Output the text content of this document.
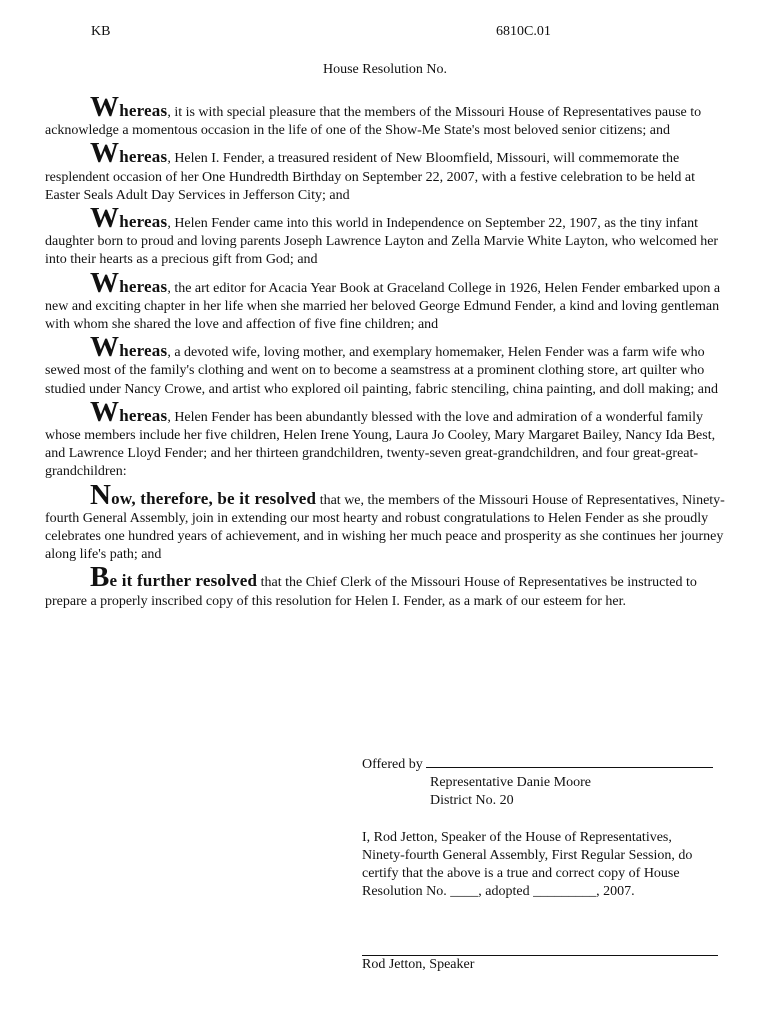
KB	6810C.01
House Resolution No.

Whereas, it is with special pleasure that the members of the Missouri House of Representatives pause to acknowledge a momentous occasion in the life of one of the Show-Me State's most beloved senior citizens; and

Whereas, Helen I. Fender, a treasured resident of New Bloomfield, Missouri, will commemorate the resplendent occasion of her One Hundredth Birthday on September 22, 2007, with a festive celebration to be held at Easter Seals Adult Day Services in Jefferson City; and

Whereas, Helen Fender came into this world in Independence on September 22, 1907, as the tiny infant daughter born to proud and loving parents Joseph Lawrence Layton and Zella Marvie White Layton, who welcomed her into their hearts as a precious gift from God; and

Whereas, the art editor for Acacia Year Book at Graceland College in 1926, Helen Fender embarked upon a new and exciting chapter in her life when she married her beloved George Edmund Fender, a kind and loving gentleman with whom she shared the love and affection of five fine children; and

Whereas, a devoted wife, loving mother, and exemplary homemaker, Helen Fender was a farm wife who sewed most of the family's clothing and went on to become a seamstress at a prominent clothing store, art quilter who studied under Nancy Crowe, and artist who explored oil painting, fabric stenciling, china painting, and doll making; and

Whereas, Helen Fender has been abundantly blessed with the love and admiration of a wonderful family whose members include her five children, Helen Irene Young, Laura Jo Cooley, Mary Margaret Bailey, Nancy Ida Best, and Lawrence Lloyd Fender; and her thirteen grandchildren, twenty-seven great-grandchildren, and four great-great-grandchildren:

Now, therefore, be it resolved that we, the members of the Missouri House of Representatives, Ninety-fourth General Assembly, join in extending our most hearty and robust congratulations to Helen Fender as she proudly celebrates one hundred years of achievement, and in wishing her much peace and prosperity as she continues her journey along life's path; and

Be it further resolved that the Chief Clerk of the Missouri House of Representatives be instructed to prepare a properly inscribed copy of this resolution for Helen I. Fender, as a mark of our esteem for her.

Offered by
Representative Danie Moore
District No. 20
I, Rod Jetton, Speaker of the House of Representatives,
Ninety-fourth General Assembly, First Regular Session, do
certify that the above is a true and correct copy of House
Resolution No. ____, adopted _________, 2007.
Rod Jetton, Speaker
